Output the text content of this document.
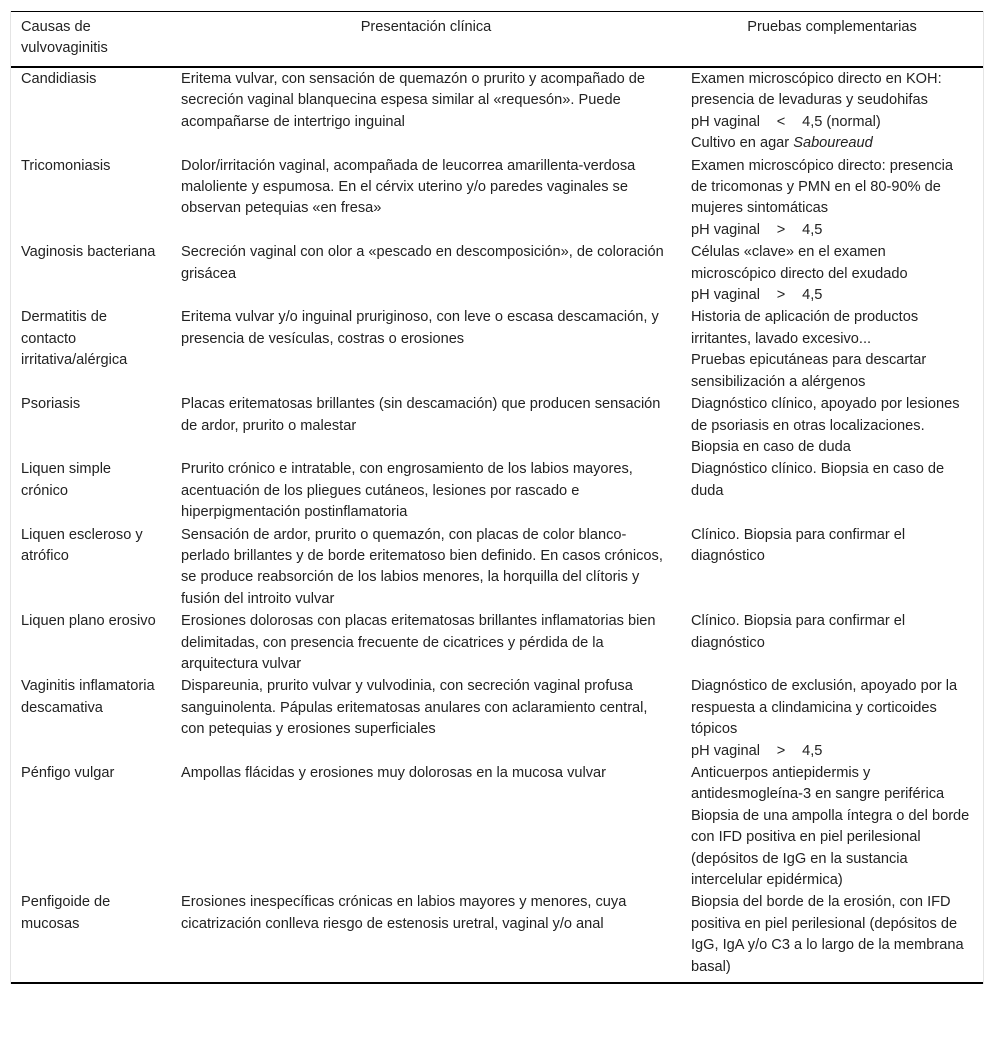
Causas de vulvovaginitis	Presentación clínica	Pruebas complementarias
Candidiasis	Eritema vulvar, con sensación de quemazón o prurito y acompañado de secreción vaginal blanquecina espesa similar al «requesón». Puede acompañarse de intertrigo inguinal	Examen microscópico directo en KOH: presencia de levaduras y seudohifas
pH vaginal < 4,5 (normal)
Cultivo en agar Saboureaud

Tricomoniasis	Dolor/irritación vaginal, acompañada de leucorrea amarillenta-verdosa maloliente y espumosa. En el cérvix uterino y/o paredes vaginales se observan petequias «en fresa»	Examen microscópico directo: presencia de tricomonas y PMN en el 80-90% de mujeres sintomáticas
pH vaginal > 4,5

Vaginosis bacteriana	Secreción vaginal con olor a «pescado en descomposición», de coloración grisácea	Células «clave» en el examen microscópico directo del exudado
pH vaginal > 4,5

Dermatitis de contacto irritativa/alérgica	Eritema vulvar y/o inguinal pruriginoso, con leve o escasa descamación, y presencia de vesículas, costras o erosiones	Historia de aplicación de productos irritantes, lavado excesivo...
Pruebas epicutáneas para descartar sensibilización a alérgenos

Psoriasis	Placas eritematosas brillantes (sin descamación) que producen sensación de ardor, prurito o malestar	Diagnóstico clínico, apoyado por lesiones de psoriasis en otras localizaciones. Biopsia en caso de duda

Liquen simple crónico	Prurito crónico e intratable, con engrosamiento de los labios mayores, acentuación de los pliegues cutáneos, lesiones por rascado e hiperpigmentación postinflamatoria	Diagnóstico clínico. Biopsia en caso de duda

Liquen escleroso y atrófico	Sensación de ardor, prurito o quemazón, con placas de color blanco-perlado brillantes y de borde eritematoso bien definido. En casos crónicos, se produce reabsorción de los labios menores, la horquilla del clítoris y fusión del introito vulvar	Clínico. Biopsia para confirmar el diagnóstico

Liquen plano erosivo	Erosiones dolorosas con placas eritematosas brillantes inflamatorias bien delimitadas, con presencia frecuente de cicatrices y pérdida de la arquitectura vulvar	Clínico. Biopsia para confirmar el diagnóstico

Vaginitis inflamatoria descamativa	Dispareunia, prurito vulvar y vulvodinia, con secreción vaginal profusa sanguinolenta. Pápulas eritematosas anulares con aclaramiento central, con petequias y erosiones superficiales	Diagnóstico de exclusión, apoyado por la respuesta a clindamicina y corticoides tópicos
pH vaginal > 4,5

Pénfigo vulgar	Ampollas flácidas y erosiones muy dolorosas en la mucosa vulvar	Anticuerpos antiepidermis y antidesmogleína-3 en sangre periférica
Biopsia de una ampolla íntegra o del borde con IFD positiva en piel perilesional (depósitos de IgG en la sustancia intercelular epidérmica)

Penfigoide de mucosas	Erosiones inespecíficas crónicas en labios mayores y menores, cuya cicatrización conlleva riesgo de estenosis uretral, vaginal y/o anal	Biopsia del borde de la erosión, con IFD positiva en piel perilesional (depósitos de IgG, IgA y/o C3 a lo largo de la membrana basal)
